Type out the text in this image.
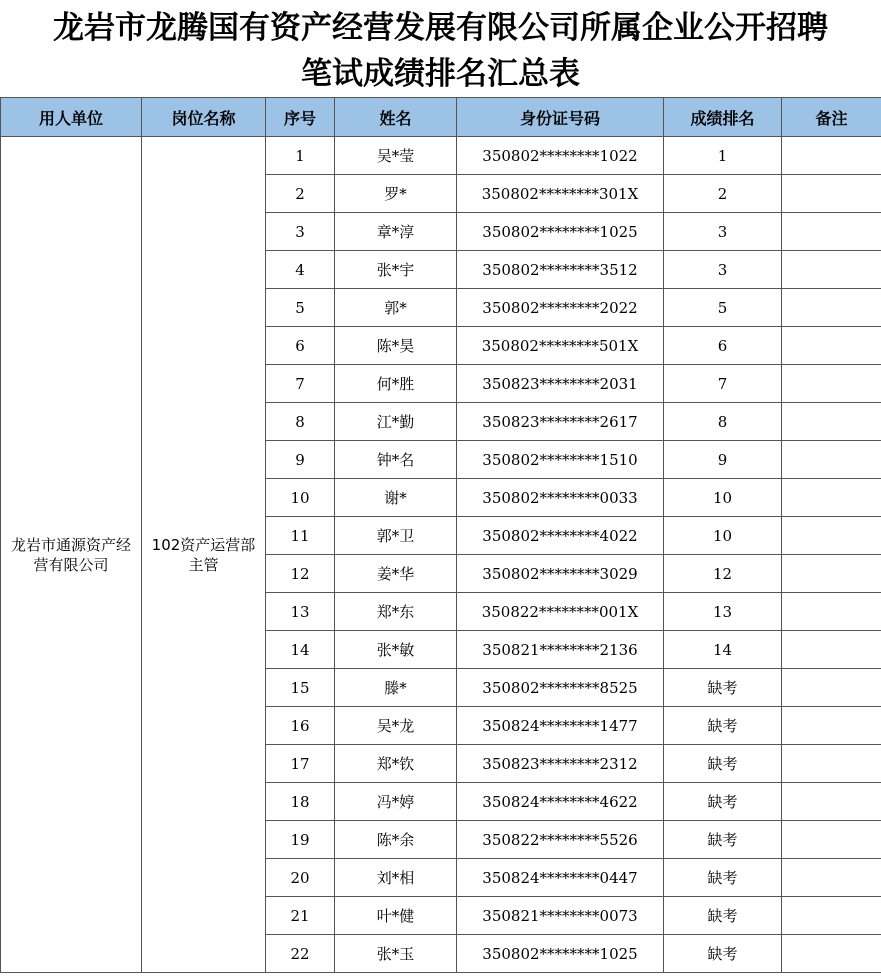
龙岩市龙腾国有资产经营发展有限公司所属企业公开招聘
笔试成绩排名汇总表
用人单位	岗位名称	序号	姓名	身份证号码	成绩排名	备注
龙岩市通源资产经营有限公司	102资产运营部主管	1	吴*莹	350802********1022	1	
		2	罗*	350802********301X	2	
		3	章*淳	350802********1025	3	
		4	张*宇	350802********3512	3	
		5	郭*	350802********2022	5	
		6	陈*昊	350802********501X	6	
		7	何*胜	350823********2031	7	
		8	江*勤	350823********2617	8	
		9	钟*名	350802********1510	9	
		10	谢*	350802********0033	10	
		11	郭*卫	350802********4022	10	
		12	姜*华	350802********3029	12	
		13	郑*东	350822********001X	13	
		14	张*敏	350821********2136	14	
		15	滕*	350802********8525	缺考	
		16	吴*龙	350824********1477	缺考	
		17	郑*钦	350823********2312	缺考	
		18	冯*婷	350824********4622	缺考	
		19	陈*余	350822********5526	缺考	
		20	刘*相	350824********0447	缺考	
		21	叶*健	350821********0073	缺考	
		22	张*玉	350802********1025	缺考	
